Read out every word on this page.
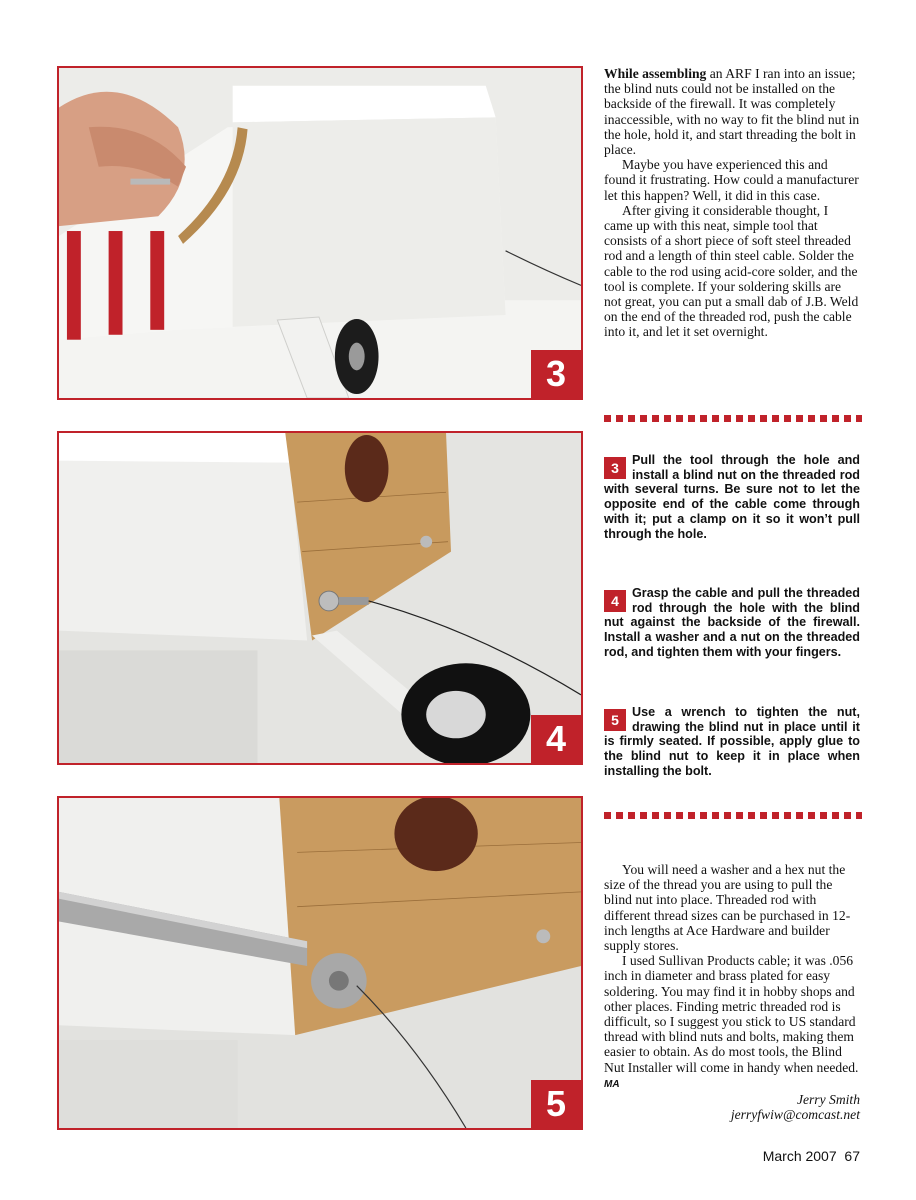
3
4
5

While assembling an ARF I ran into an issue; the blind nuts could not be installed on the backside of the firewall. It was completely inaccessible, with no way to fit the blind nut in the hole, hold it, and start threading the bolt in place.

Maybe you have experienced this and found it frustrating. How could a manufacturer let this happen? Well, it did in this case.

After giving it considerable thought, I came up with this neat, simple tool that consists of a short piece of soft steel threaded rod and a length of thin steel cable. Solder the cable to the rod using acid-core solder, and the tool is complete. If your soldering skills are not great, you can put a small dab of J.B. Weld on the end of the threaded rod, push the cable into it, and let it set overnight.

3	Pull the tool through the hole and install a blind nut on the threaded rod with several turns. Be sure not to let the opposite end of the cable come through with it; put a clamp on it so it won’t pull through the hole.
4	Grasp the cable and pull the threaded rod through the hole with the blind nut against the backside of the firewall. Install a washer and a nut on the threaded rod, and tighten them with your fingers.
5	Use a wrench to tighten the nut, drawing the blind nut in place until it is firmly seated. If possible, apply glue to the blind nut to keep it in place when installing the bolt.

You will need a washer and a hex nut the size of the thread you are using to pull the blind nut into place. Threaded rod with different thread sizes can be purchased in 12-inch lengths at Ace Hardware and builder supply stores.

I used Sullivan Products cable; it was .056 inch in diameter and brass plated for easy soldering. You may find it in hobby shops and other places. Finding metric threaded rod is difficult, so I suggest you stick to US standard thread with blind nuts and bolts, making them easier to obtain. As do most tools, the Blind Nut Installer will come in handy when needed. MA

Jerry Smith
jerryfwiw@comcast.net
March 2007 67
